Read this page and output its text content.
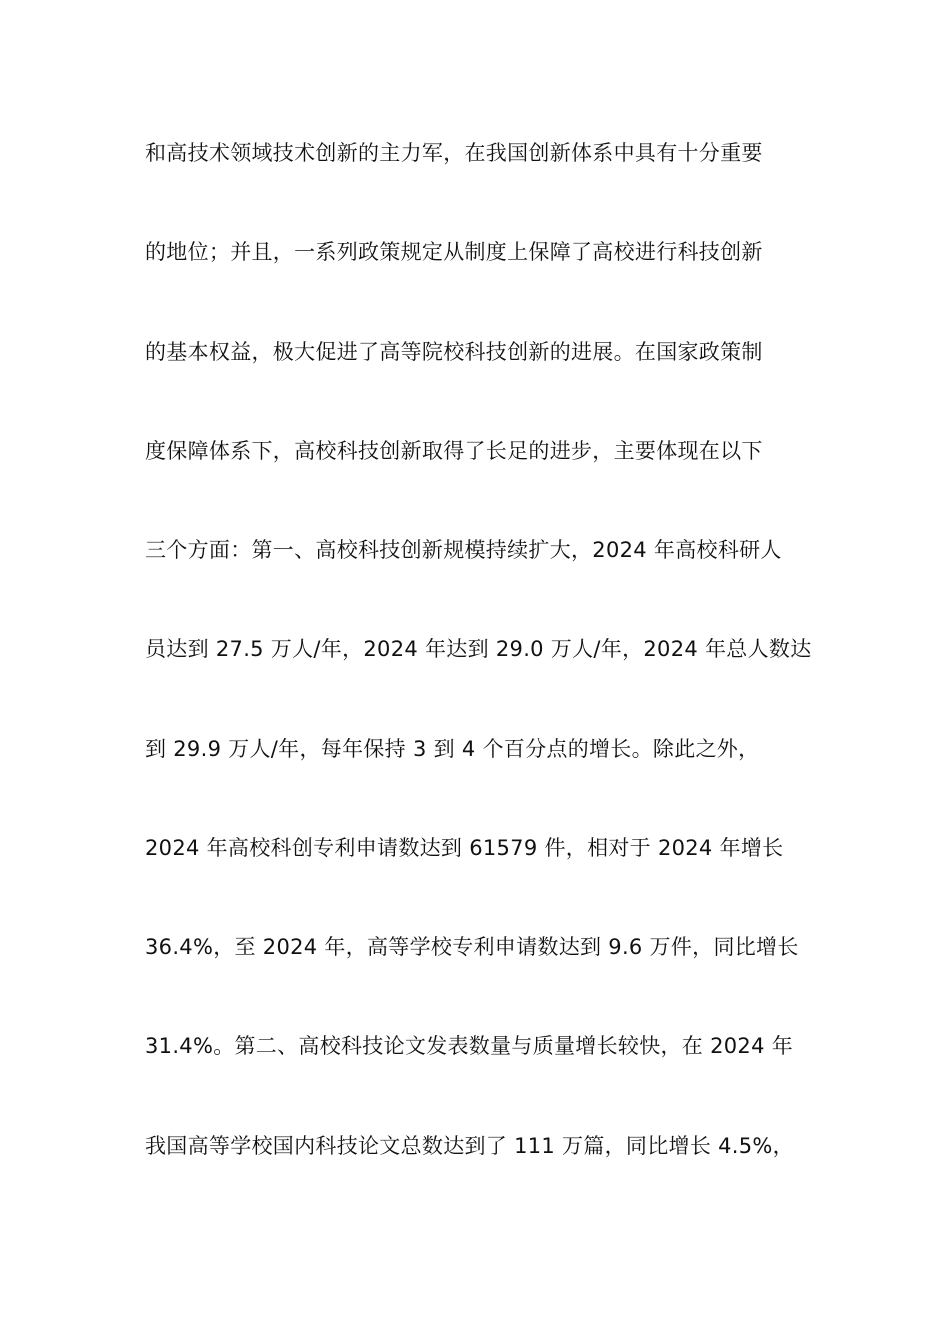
和高技术领域技术创新的主力军，在我国创新体系中具有十分重要
的地位；并且，一系列政策规定从制度上保障了高校进行科技创新
的基本权益，极大促进了高等院校科技创新的进展。在国家政策制
度保障体系下，高校科技创新取得了长足的进步，主要体现在以下
三个方面：第一、高校科技创新规模持续扩大，2024 年高校科研人
员达到 27.5 万人/年，2024 年达到 29.0 万人/年，2024 年总人数达
到 29.9 万人/年，每年保持 3 到 4 个百分点的增长。除此之外，
2024 年高校科创专利申请数达到 61579 件，相对于 2024 年增长
36.4%，至 2024 年，高等学校专利申请数达到 9.6 万件，同比增长
31.4%。第二、高校科技论文发表数量与质量增长较快，在 2024 年
我国高等学校国内科技论文总数达到了 111 万篇，同比增长 4.5%，
